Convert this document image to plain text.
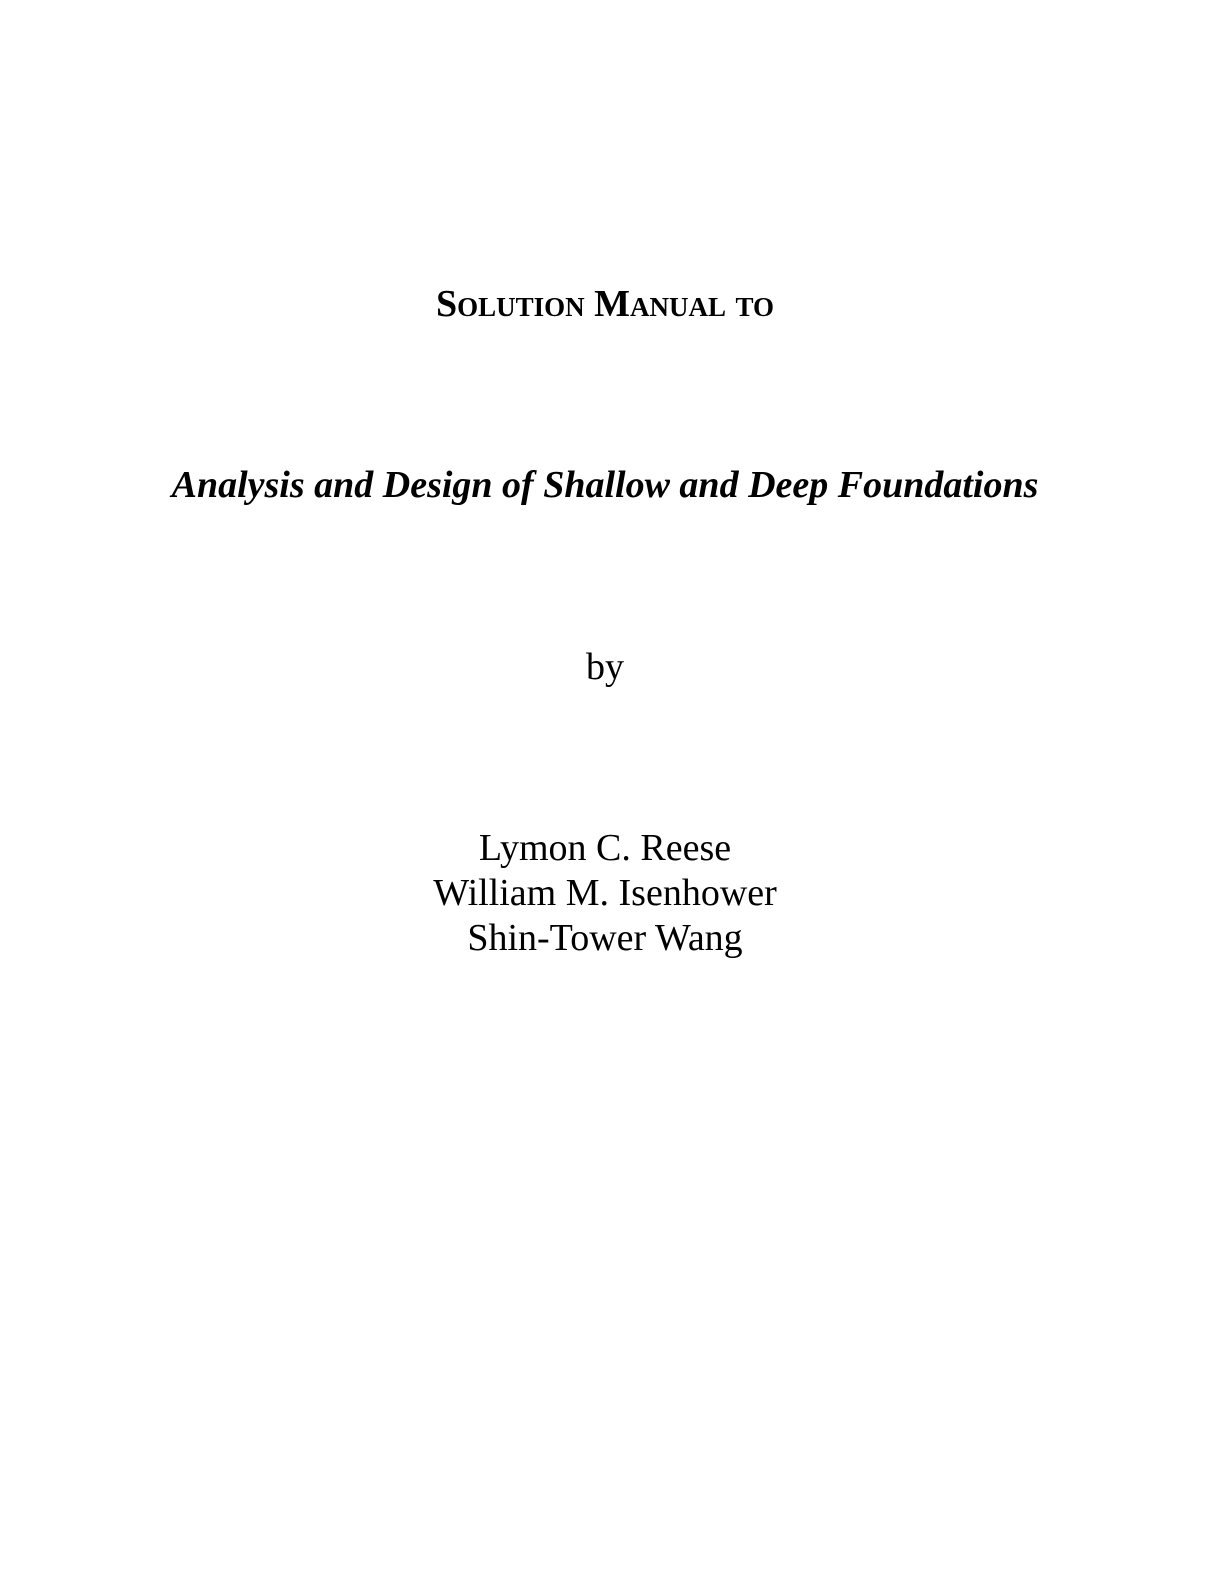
Solution Manual to
Analysis and Design of Shallow and Deep Foundations
by
Lymon C. Reese
William M. Isenhower
Shin-Tower Wang
